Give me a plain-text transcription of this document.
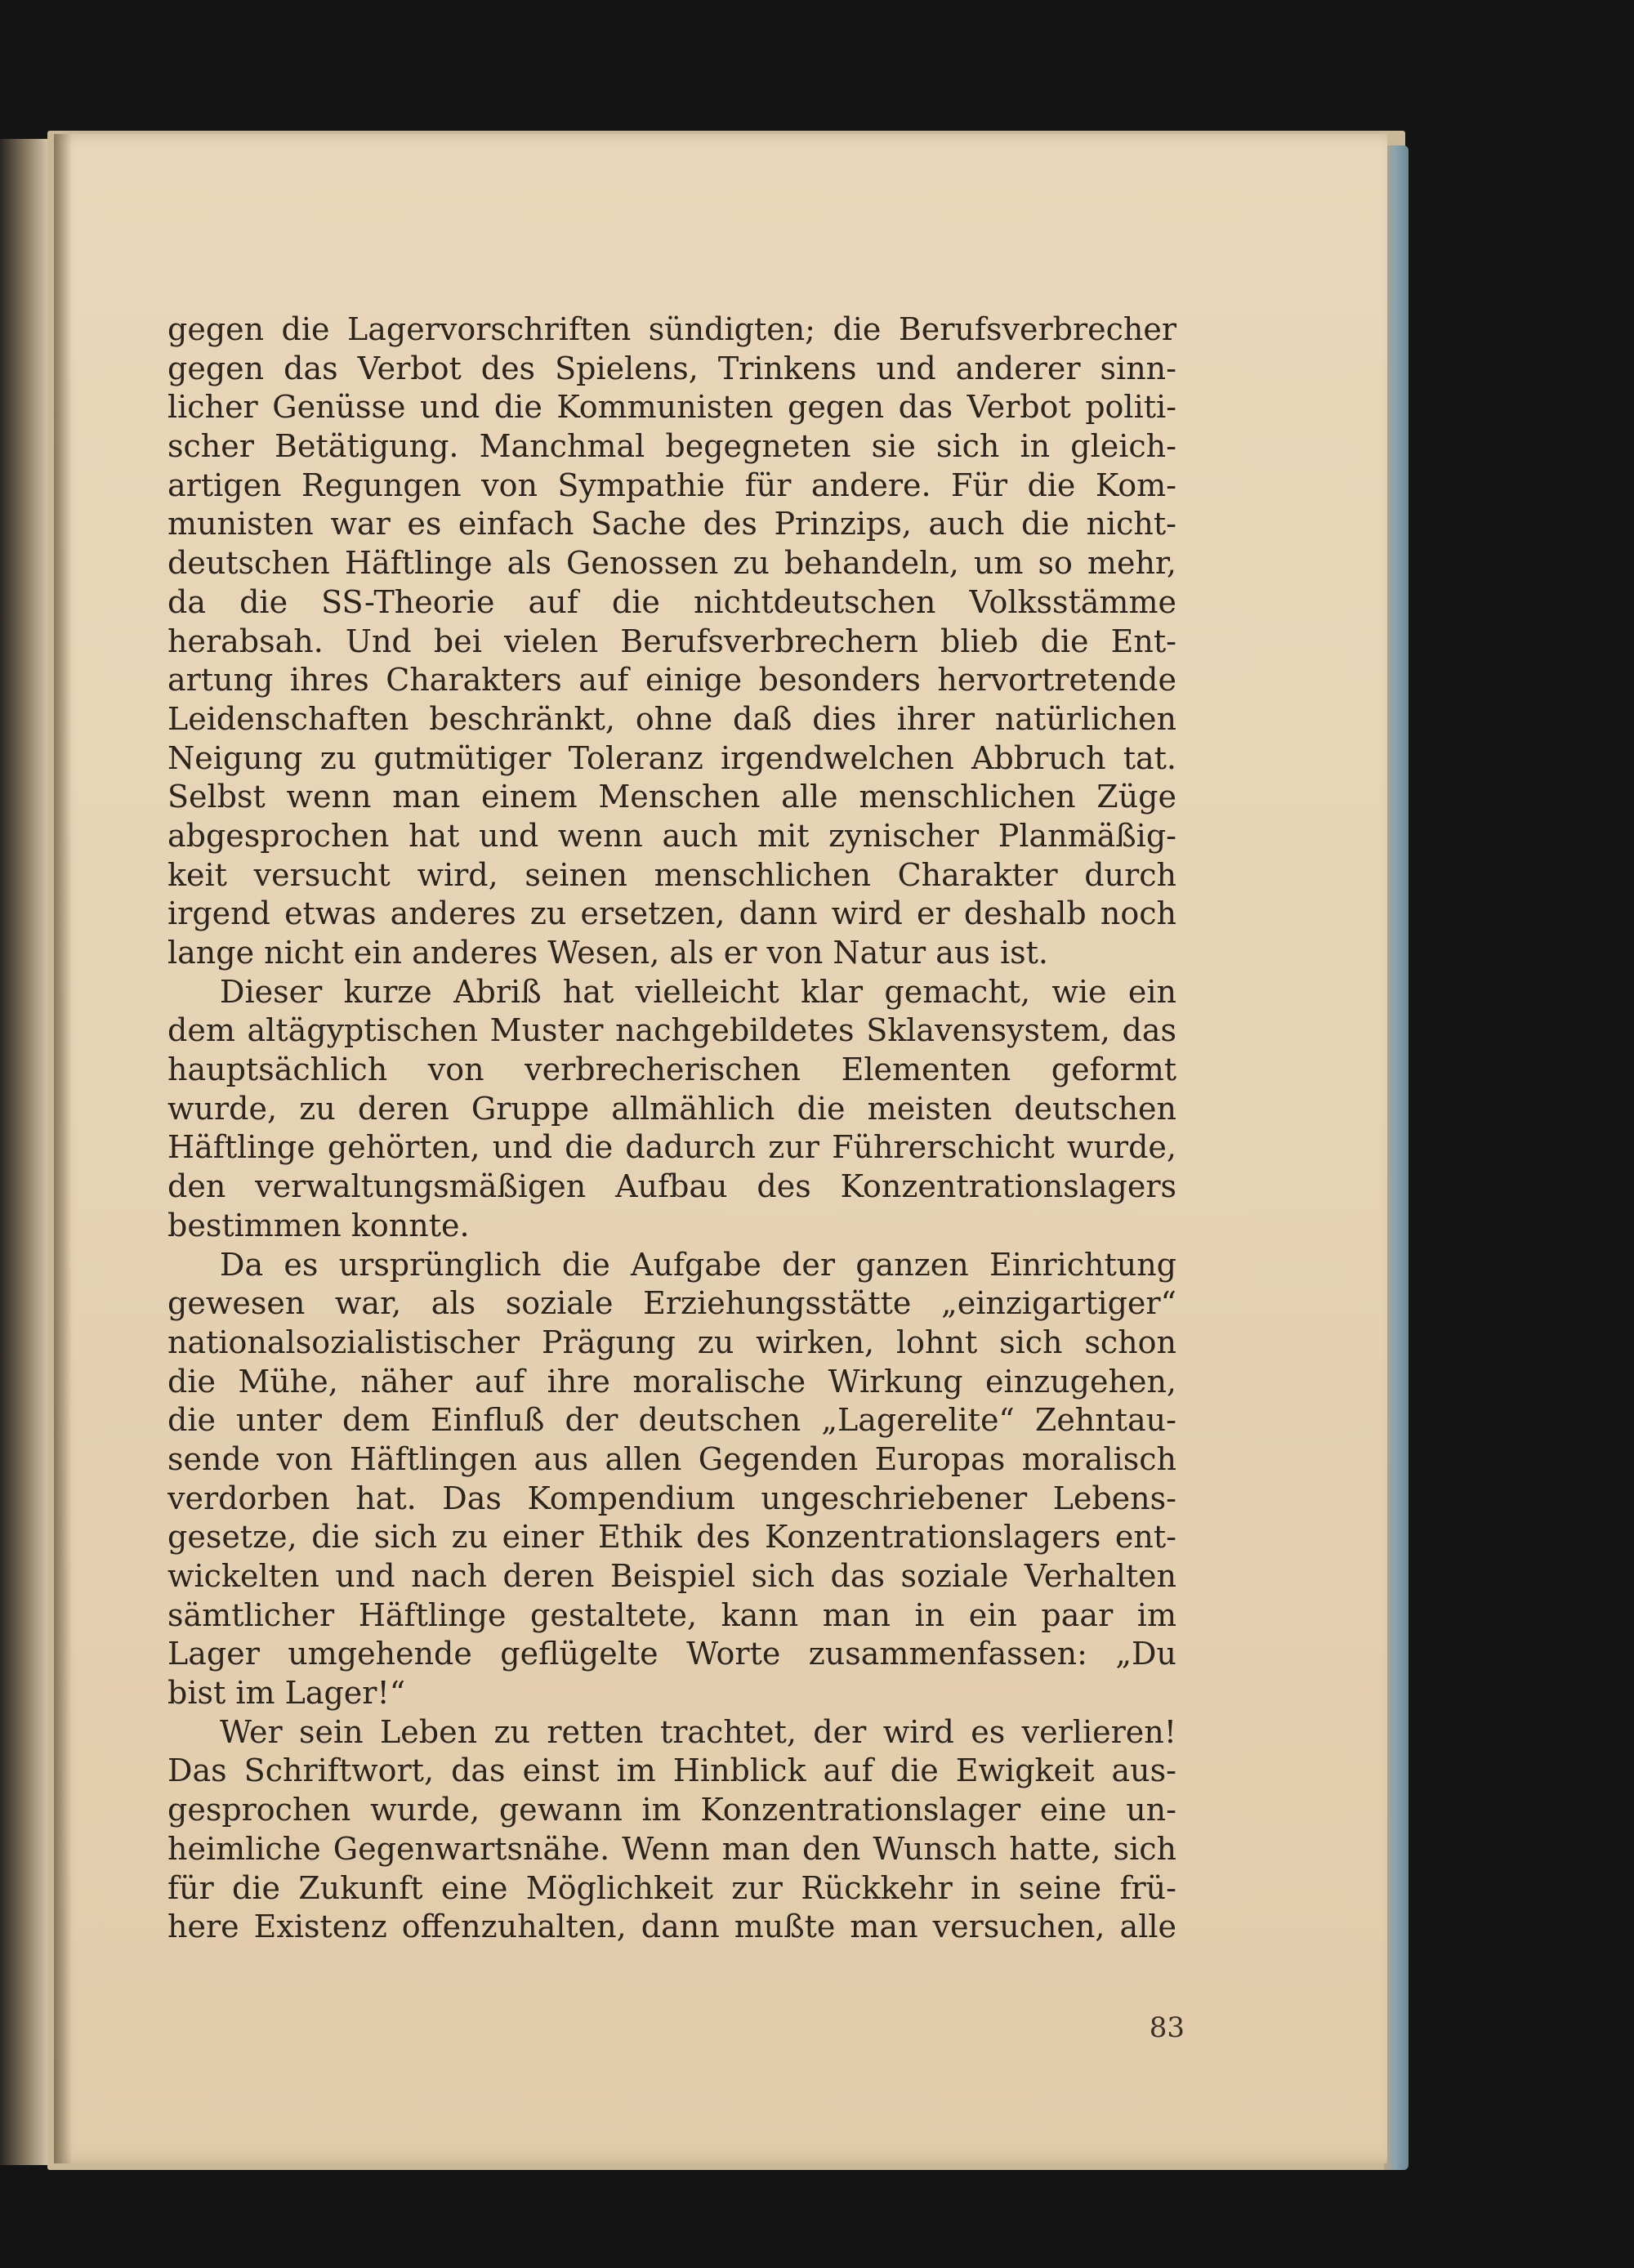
gegen die Lagervorschriften sündigten; die Berufsverbrecher
gegen das Verbot des Spielens, Trinkens und anderer sinn-
licher Genüsse und die Kommunisten gegen das Verbot politi-
scher Betätigung. Manchmal begegneten sie sich in gleich-
artigen Regungen von Sympathie für andere. Für die Kom-
munisten war es einfach Sache des Prinzips, auch die nicht-
deutschen Häftlinge als Genossen zu behandeln, um so mehr,
da die SS-Theorie auf die nichtdeutschen Volksstämme
herabsah. Und bei vielen Berufsverbrechern blieb die Ent-
artung ihres Charakters auf einige besonders hervortretende
Leidenschaften beschränkt, ohne daß dies ihrer natürlichen
Neigung zu gutmütiger Toleranz irgendwelchen Abbruch tat.
Selbst wenn man einem Menschen alle menschlichen Züge
abgesprochen hat und wenn auch mit zynischer Planmäßig-
keit versucht wird, seinen menschlichen Charakter durch
irgend etwas anderes zu ersetzen, dann wird er deshalb noch
lange nicht ein anderes Wesen, als er von Natur aus ist.
Dieser kurze Abriß hat vielleicht klar gemacht, wie ein
dem altägyptischen Muster nachgebildetes Sklavensystem, das
hauptsächlich von verbrecherischen Elementen geformt
wurde, zu deren Gruppe allmählich die meisten deutschen
Häftlinge gehörten, und die dadurch zur Führerschicht wurde,
den verwaltungsmäßigen Aufbau des Konzentrationslagers
bestimmen konnte.
Da es ursprünglich die Aufgabe der ganzen Einrichtung
gewesen war, als soziale Erziehungsstätte „einzigartiger“
nationalsozialistischer Prägung zu wirken, lohnt sich schon
die Mühe, näher auf ihre moralische Wirkung einzugehen,
die unter dem Einfluß der deutschen „Lagerelite“ Zehntau-
sende von Häftlingen aus allen Gegenden Europas moralisch
verdorben hat. Das Kompendium ungeschriebener Lebens-
gesetze, die sich zu einer Ethik des Konzentrationslagers ent-
wickelten und nach deren Beispiel sich das soziale Verhalten
sämtlicher Häftlinge gestaltete, kann man in ein paar im
Lager umgehende geflügelte Worte zusammenfassen: „Du
bist im Lager!“
Wer sein Leben zu retten trachtet, der wird es verlieren!
Das Schriftwort, das einst im Hinblick auf die Ewigkeit aus-
gesprochen wurde, gewann im Konzentrationslager eine un-
heimliche Gegenwartsnähe. Wenn man den Wunsch hatte, sich
für die Zukunft eine Möglichkeit zur Rückkehr in seine frü-
here Existenz offenzuhalten, dann mußte man versuchen, alle
83
